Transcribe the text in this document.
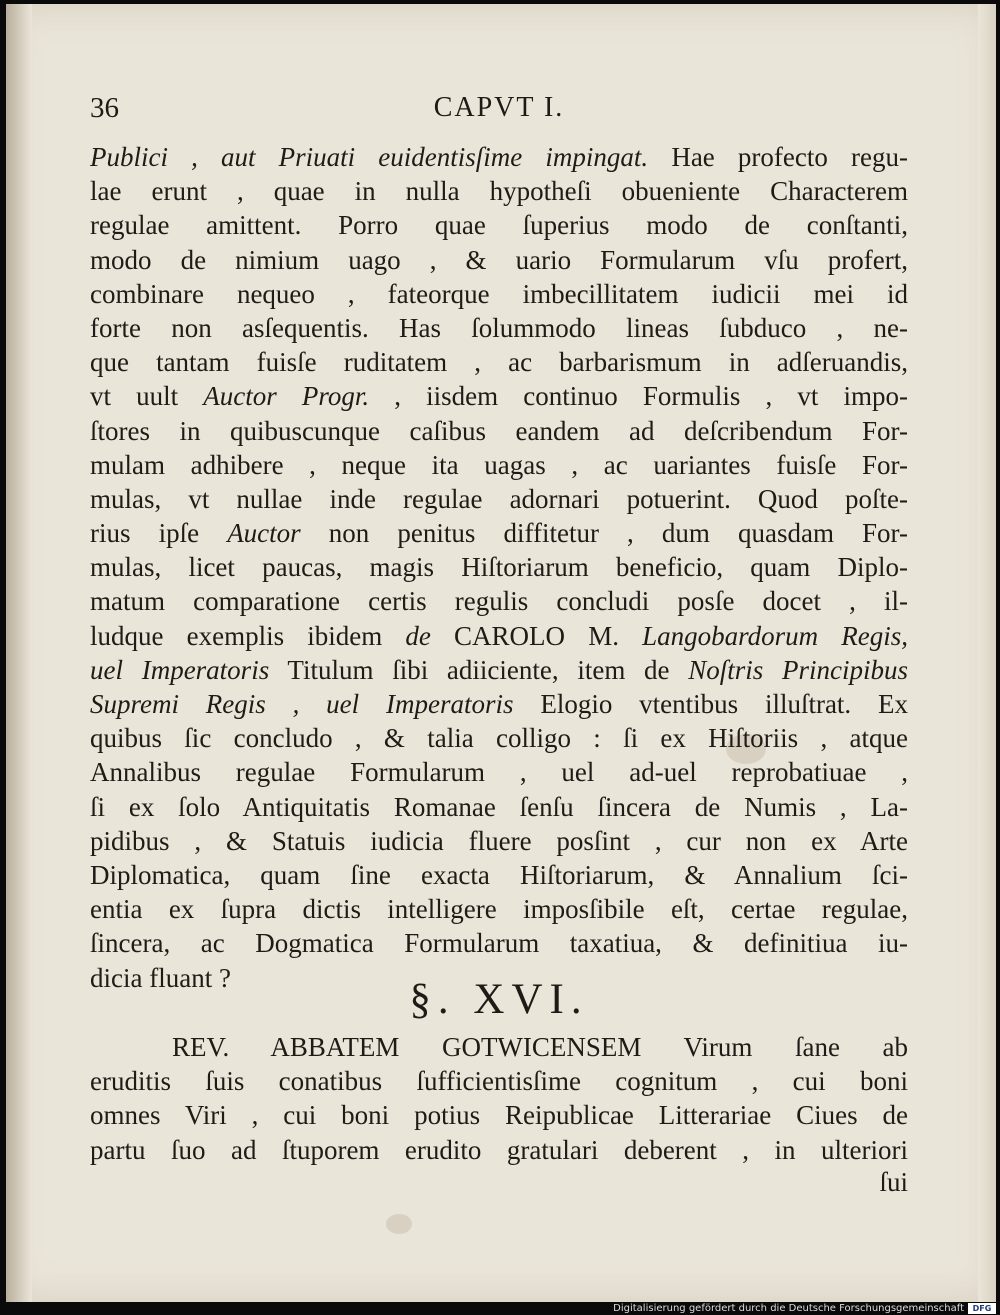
36	CAPVT I.
Publici , aut Priuati euidentisſime impingat. Hae profecto regu-
lae erunt , quae in nulla hypotheſi obueniente Characterem
regulae amittent. Porro quae ſuperius modo de conſtanti,
modo de nimium uago , & uario Formularum vſu profert,
combinare nequeo , fateorque imbecillitatem iudicii mei id
forte non asſequentis. Has ſolummodo lineas ſubduco , ne-
que tantam fuisſe ruditatem , ac barbarismum in adſeruandis,
vt uult Auctor Progr. , iisdem continuo Formulis , vt impo-
ſtores in quibuscunque caſibus eandem ad deſcribendum For-
mulam adhibere , neque ita uagas , ac uariantes fuisſe For-
mulas, vt nullae inde regulae adornari potuerint. Quod poſte-
rius ipſe Auctor non penitus diffitetur , dum quasdam For-
mulas, licet paucas, magis Hiſtoriarum beneficio, quam Diplo-
matum comparatione certis regulis concludi posſe docet , il-
ludque exemplis ibidem de CAROLO M. Langobardorum Regis,
uel Imperatoris Titulum ſibi adiiciente, item de Noſtris Principibus
Supremi Regis , uel Imperatoris Elogio vtentibus illuſtrat. Ex
quibus ſic concludo , & talia colligo : ſi ex Hiſtoriis , atque
Annalibus regulae Formularum , uel ad-uel reprobatiuae ,
ſi ex ſolo Antiquitatis Romanae ſenſu ſincera de Numis , La-
pidibus , & Statuis iudicia fluere posſint , cur non ex Arte
Diplomatica, quam ſine exacta Hiſtoriarum, & Annalium ſci-
entia ex ſupra dictis intelligere imposſibile eſt, certae regulae,
ſincera, ac Dogmatica Formularum taxatiua, & definitiua iu-
dicia fluant ?	§. XVI.
REV. ABBATEM GOTWICENSEM Virum ſane ab
eruditis ſuis conatibus ſufficientisſime cognitum , cui boni
omnes Viri , cui boni potius Reipublicae Litterariae Ciues de
partu ſuo ad ſtuporem erudito gratulari deberent , in ulteriori
ſui
Digitalisierung gefördert durch die Deutsche Forschungsgemeinschaft	DFG
